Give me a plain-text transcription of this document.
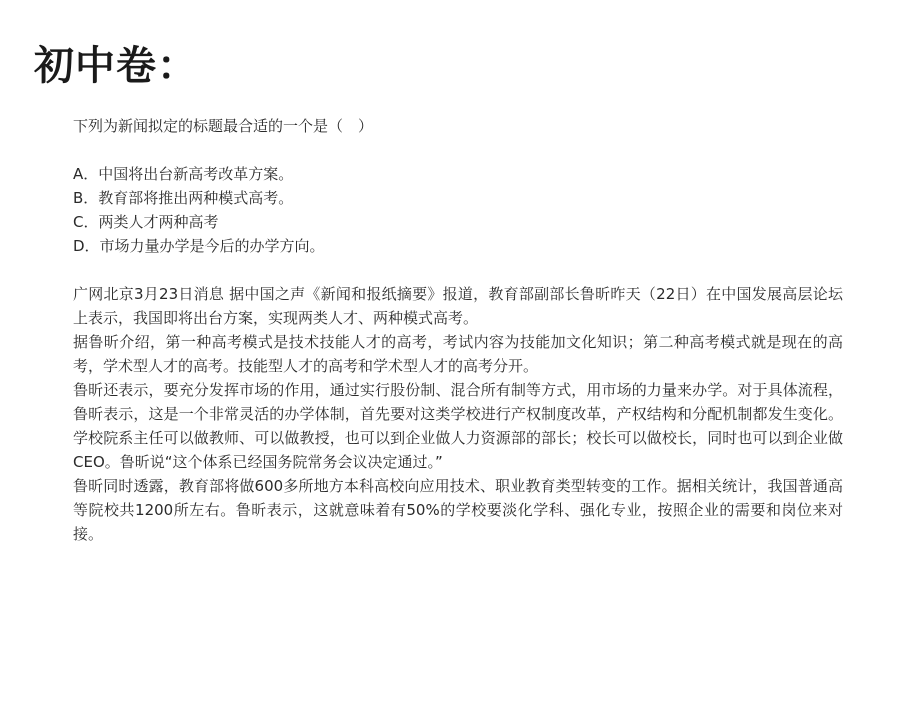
初中卷：

下列为新闻拟定的标题最合适的一个是（　）

A．中国将出台新高考改革方案。
B．教育部将推出两种模式高考。
C．两类人才两种高考
D．市场力量办学是今后的办学方向。

广网北京3月23日消息 据中国之声《新闻和报纸摘要》报道，教育部副部长鲁昕昨天（22日）在中国发展高层论坛上表示，我国即将出台方案，实现两类人才、两种模式高考。

据鲁昕介绍，第一种高考模式是技术技能人才的高考，考试内容为技能加文化知识；第二种高考模式就是现在的高考，学术型人才的高考。技能型人才的高考和学术型人才的高考分开。

鲁昕还表示，要充分发挥市场的作用，通过实行股份制、混合所有制等方式，用市场的力量来办学。对于具体流程，鲁昕表示，这是一个非常灵活的办学体制，首先要对这类学校进行产权制度改革，产权结构和分配机制都发生变化。学校院系主任可以做教师、可以做教授，也可以到企业做人力资源部的部长；校长可以做校长，同时也可以到企业做CEO。鲁昕说“这个体系已经国务院常务会议决定通过。”

鲁昕同时透露，教育部将做600多所地方本科高校向应用技术、职业教育类型转变的工作。据相关统计，我国普通高等院校共1200所左右。鲁昕表示，这就意味着有50%的学校要淡化学科、强化专业，按照企业的需要和岗位来对接。
